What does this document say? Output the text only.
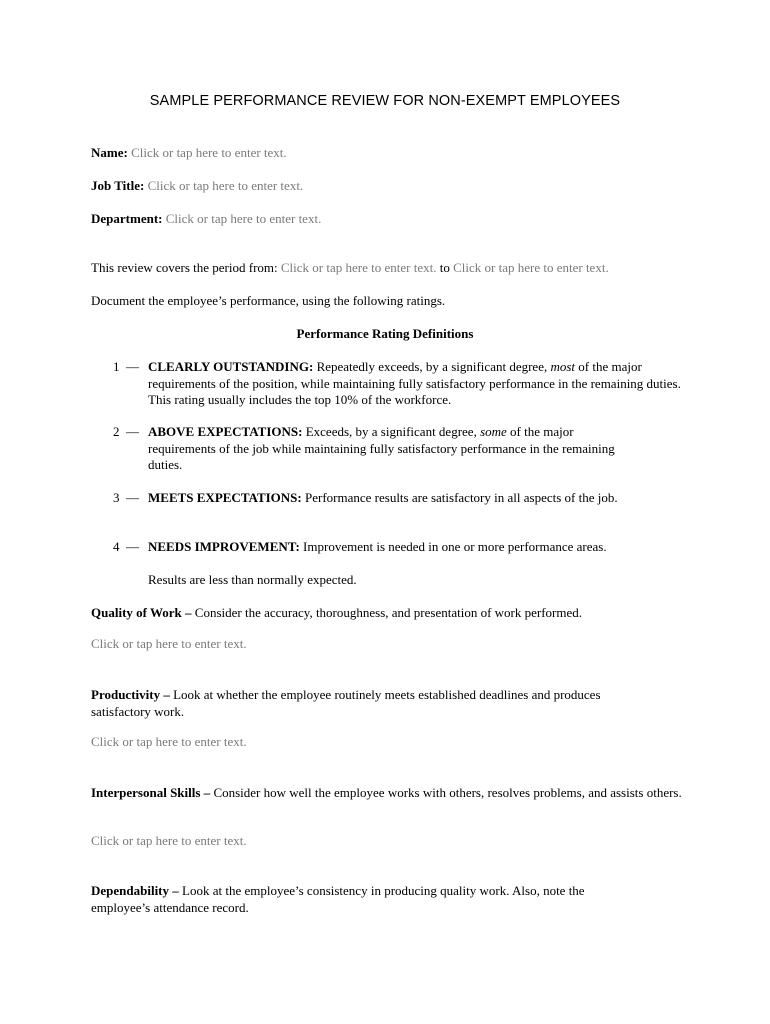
SAMPLE PERFORMANCE REVIEW FOR NON-EXEMPT EMPLOYEES
Name: Click or tap here to enter text.
Job Title: Click or tap here to enter text.
Department: Click or tap here to enter text.
This review covers the period from: Click or tap here to enter text. to Click or tap here to enter text.
Document the employee’s performance, using the following ratings.
Performance Rating Definitions
1 — CLEARLY OUTSTANDING: Repeatedly exceeds, by a significant degree, most of the major requirements of the position, while maintaining fully satisfactory performance in the remaining duties. This rating usually includes the top 10% of the workforce.
2 — ABOVE EXPECTATIONS: Exceeds, by a significant degree, some of the major requirements of the job while maintaining fully satisfactory performance in the remaining duties.
3 — MEETS EXPECTATIONS: Performance results are satisfactory in all aspects of the job.
4 — NEEDS IMPROVEMENT: Improvement is needed in one or more performance areas.
Results are less than normally expected.
Quality of Work – Consider the accuracy, thoroughness, and presentation of work performed.
Click or tap here to enter text.
Productivity – Look at whether the employee routinely meets established deadlines and produces satisfactory work.
Click or tap here to enter text.
Interpersonal Skills – Consider how well the employee works with others, resolves problems, and assists others.
Click or tap here to enter text.
Dependability – Look at the employee’s consistency in producing quality work. Also, note the employee’s attendance record.
